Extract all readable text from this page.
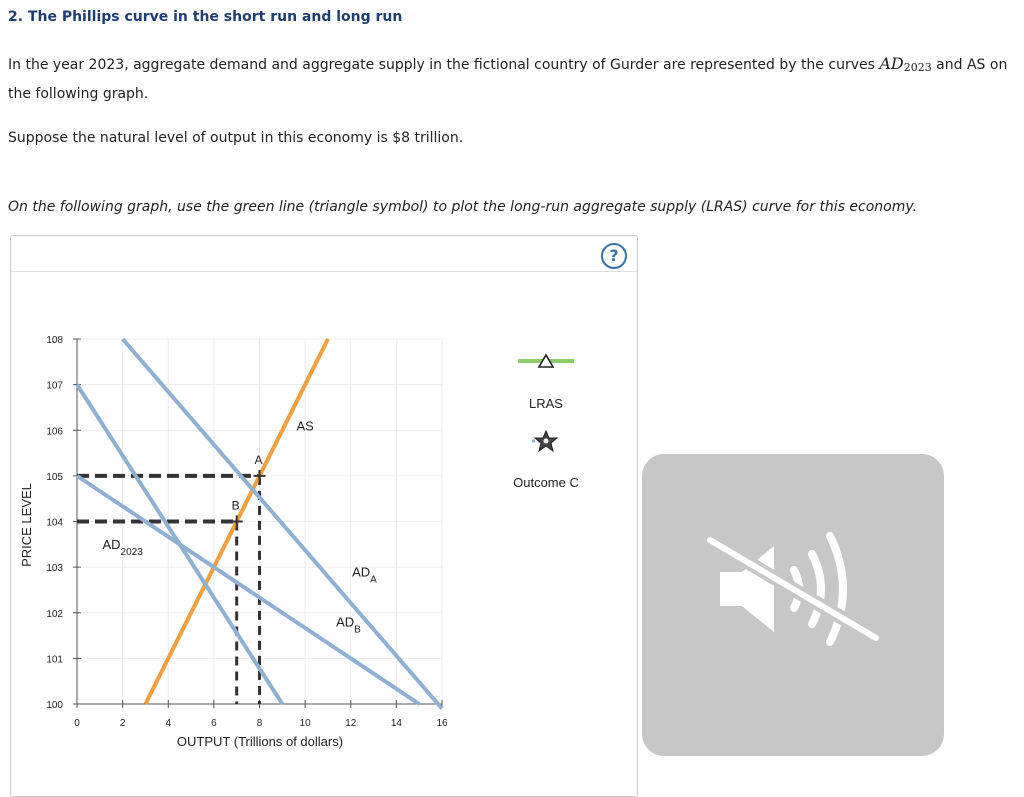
2. The Phillips curve in the short run and long run
In the year 2023, aggregate demand and aggregate supply in the fictional country of Gurder are represented by the curves $AD_{2023}$ and AS on the following graph.
Suppose the natural level of output in this economy is $8 trillion.
On the following graph, use the green line (triangle symbol) to plot the long-run aggregate supply (LRAS) curve for this economy.
?
0	2	4	6	8	10	12	14	16
100
101
102
103
104
105
106
107
108
AS
$AD_{2023}$
$AD_A$
$AD_B$
A
B
OUTPUT (Trillions of dollars)
PRICE LEVEL
LRAS
Outcome C
